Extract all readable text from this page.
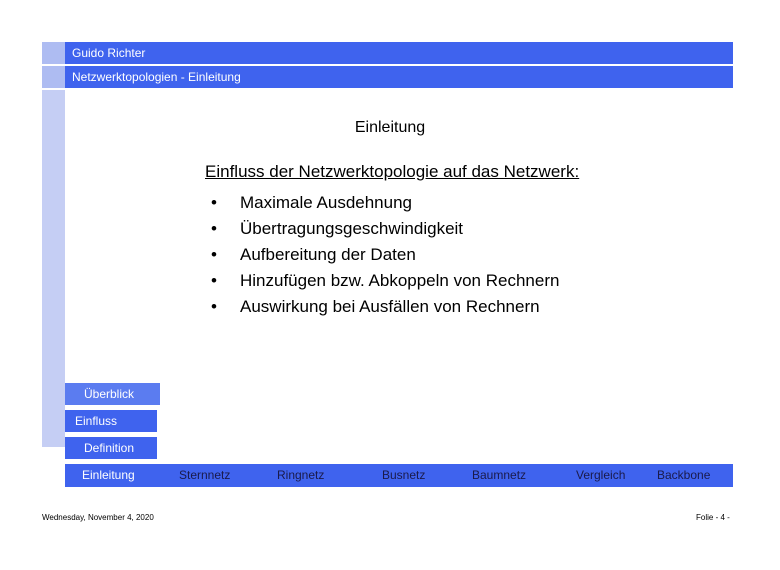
Guido Richter
Netzwerktopologien - Einleitung
Einleitung
Einfluss der Netzwerktopologie auf das Netzwerk:
• Maximale Ausdehnung
• Übertragungsgeschwindigkeit
• Aufbereitung der Daten
• Hinzufügen bzw. Abkoppeln von Rechnern
• Auswirkung bei Ausfällen von Rechnern
Überblick
Einfluss
Definition
Einleitung	Sternnetz	Ringnetz	Busnetz	Baumnetz	Vergleich	Backbone
Wednesday, November 4, 2020	Folie - 4 -
